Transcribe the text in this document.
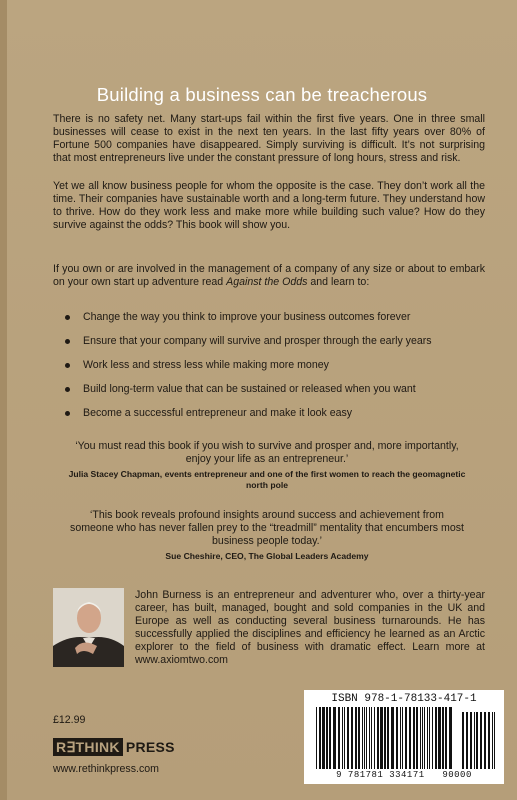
Building a business can be treacherous
There is no safety net. Many start-ups fail within the first five years. One in three small businesses will cease to exist in the next ten years. In the last fifty years over 80% of Fortune 500 companies have disappeared. Simply surviving is difficult. It’s not surprising that most entrepreneurs live under the constant pressure of long hours, stress and risk.
Yet we all know business people for whom the opposite is the case. They don’t work all the time. Their companies have sustainable worth and a long-term future. They understand how to thrive. How do they work less and make more while building such value? How do they survive against the odds? This book will show you.
If you own or are involved in the management of a company of any size or about to embark on your own start up adventure read Against the Odds and learn to:
Change the way you think to improve your business outcomes forever
Ensure that your company will survive and prosper through the early years
Work less and stress less while making more money
Build long-term value that can be sustained or released when you want
Become a successful entrepreneur and make it look easy
‘You must read this book if you wish to survive and prosper and, more importantly, enjoy your life as an entrepreneur.’
Julia Stacey Chapman, events entrepreneur and one of the first women to reach the geomagnetic north pole
‘This book reveals profound insights around success and achievement from someone who has never fallen prey to the “treadmill” mentality that encumbers most business people today.’
Sue Cheshire, CEO, The Global Leaders Academy
John Burness is an entrepreneur and adventurer who, over a thirty-year career, has built, managed, bought and sold companies in the UK and Europe as well as conducting several business turnarounds. He has successfully applied the disciplines and efficiency he learned as an Arctic explorer to the field of business with dramatic effect. Learn more at www.axiomtwo.com
£12.99
R∃THINK PRESS
www.rethinkpress.com
ISBN 978-1-78133-417-1
9 781781 334171 90000
